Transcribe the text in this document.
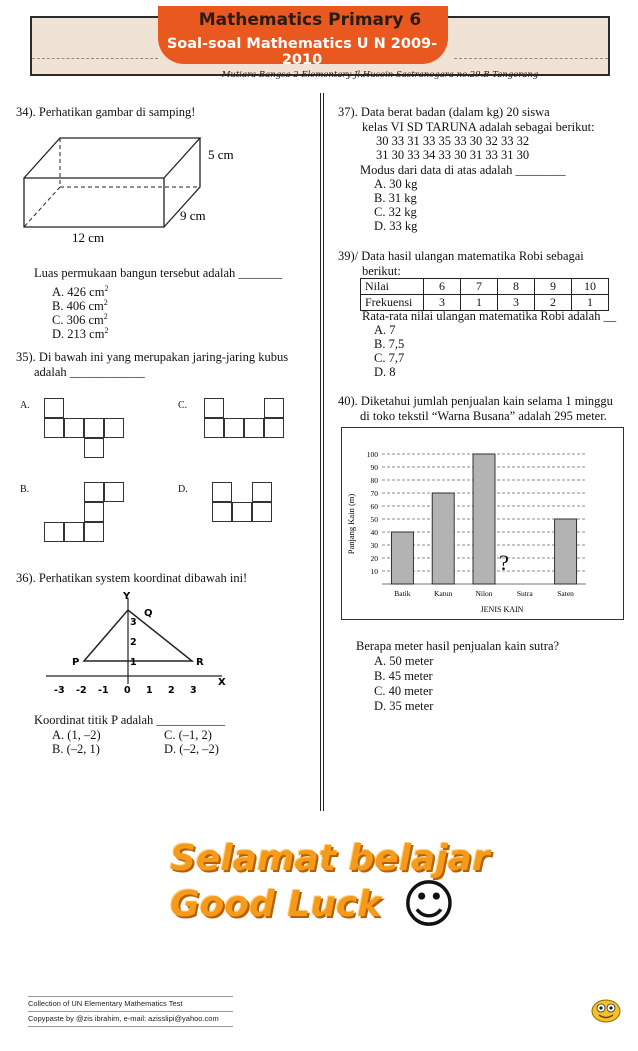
Mathematics Primary 6
Soal-soal Mathematics U N 2009-2010
Mutiara Bangsa 2 Elementary Jl.Husein Sastranegara no.29.B Tangerang
34). Perhatikan gambar di samping!
5 cm
9 cm
12 cm
Luas permukaan bangun tersebut adalah _______
A. 426 $cm^2$
B. 406 $cm^2$
C. 306 $cm^2$
D. 213 $cm^2$
35). Di bawah ini yang merupakan jaring-jaring kubus
adalah ____________
A.	C.
B.	D.
36). Perhatikan system koordinat dibawah ini!
Y
X
P
Q
R
-3 -2 -1 0 1 2 3
1
2
3
Koordinat titik P adalah ___________
A. (1, –2)
B. (–2, 1)
C. (–1, 2)
D. (–2, –2)
37). Data berat badan (dalam kg) 20 siswa
kelas VI SD TARUNA adalah sebagai berikut:
30 33 31 33 35 33 30 32 33 32
31 30 33 34 33 30 31 33 31 30
Modus dari data di atas adalah ________
A. 30 kg
B. 31 kg
C. 32 kg
D. 33 kg
39)/ Data hasil ulangan matematika Robi sebagai
berikut:
Nilai	6	7	8	9	10
Frekuensi	3	1	3	2	1
Rata-rata nilai ulangan matematika Robi adalah __
A. 7
B. 7,5
C. 7,7
D. 8
40). Diketahui jumlah penjualan kain selama 1 minggu
di toko tekstil “Warna Busana” adalah 295 meter.
10
20
30
40
50
60
70
80
90
100
Batik	Katun	Nilon	Sutra	Saten
Panjang Kain (m)
JENIS KAIN
?
Berapa meter hasil penjualan kain sutra?
A. 50 meter
B. 45 meter
C. 40 meter
D. 35 meter
Selamat belajar
Good Luck ☺
Collection of UN Elementary Mathematics Test
Copypaste by @zis ibrahim, e-mail: azisslipi@yahoo.com
